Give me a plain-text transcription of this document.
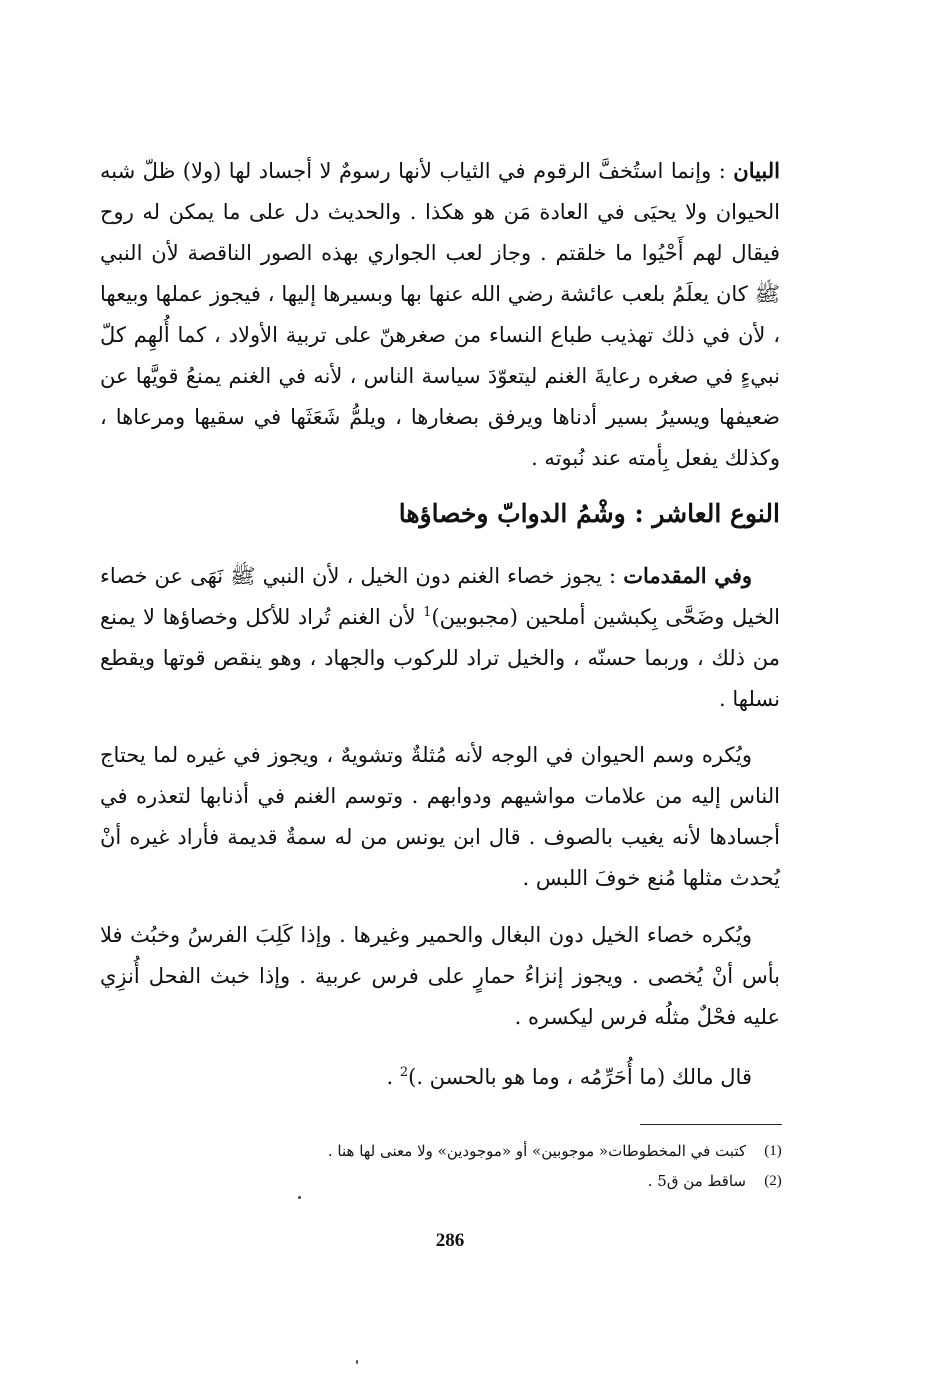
البيان : وإنما استُخفَّ الرقوم في الثياب لأنها رسومٌ لا أجساد لها (ولا) ظلّ شبه الحيوان ولا يحيَى في العادة مَن هو هكذا . والحديث دل على ما يمكن له روح فيقال لهم أَحْيُوا ما خلقتم . وجاز لعب الجواري بهذه الصور الناقصة لأن النبي ﷺ كان يعلَمُ بلعب عائشة رضي الله عنها بها وبسيرها إليها ، فيجوز عملها وبيعها ، لأن في ذلك تهذيب طباع النساء من صغرهنّ على تربية الأولاد ، كما أُلهِم كلّ نبيءٍ في صغره رعايةَ الغنم ليتعوّدَ سياسة الناس ، لأنه في الغنم يمنعُ قويَّها عن ضعيفها ويسيرُ بسير أدناها ويرفق بصغارها ، ويلمُّ شَعَثَها في سقيها ومرعاها ، وكذلك يفعل بِأمته عند نُبوته .

النوع العاشر : وشْمُ الدوابّ وخصاؤها

وفي المقدمات : يجوز خصاء الغنم دون الخيل ، لأن النبي ﷺ نَهَى عن خصاء الخيل وضَحَّى بِكبشين أملحين (مجبوبين)$^1$ لأن الغنم تُراد للأكل وخصاؤها لا يمنع من ذلك ، وربما حسنّه ، والخيل تراد للركوب والجهاد ، وهو ينقص قوتها ويقطع نسلها .

ويُكره وسم الحيوان في الوجه لأنه مُثلةٌ وتشويهٌ ، ويجوز في غيره لما يحتاج الناس إليه من علامات مواشيهم ودوابهم . وتوسم الغنم في أذنابها لتعذره في أجسادها لأنه يغيب بالصوف . قال ابن يونس من له سمةٌ قديمة فأراد غيره أنْ يُحدث مثلها مُنع خوفَ اللبس .

ويُكره خصاء الخيل دون البغال والحمير وغيرها . وإذا كَلِبَ الفرسُ وخبُث فلا بأس أنْ يُخصى . ويجوز إنزاءُ حمارٍ على فرس عربية . وإذا خبث الفحل أُنزِي عليه فحْلٌ مثلُه فرس ليكسره .

قال مالك (ما أُحَرِّمُه ، وما هو بالحسن .)$^2$ .

(1)
كتبت في المخطوطات« موجوبين» أو «موجودين» ولا معنى لها هنا .
(2)
ساقط من ق5 .
286
